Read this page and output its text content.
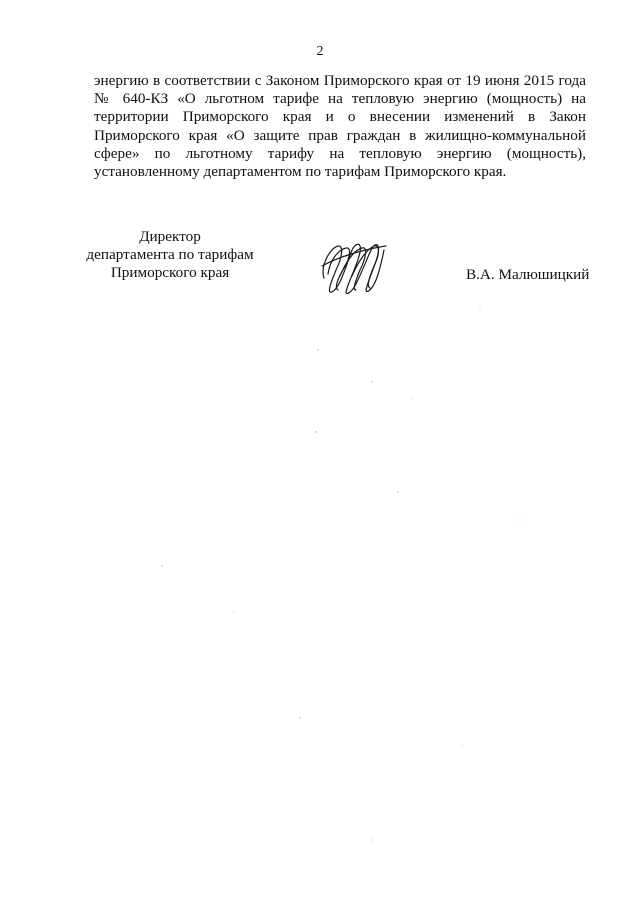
2
энергию в соответствии с Законом Приморского края от 19 июня 2015 года
№ 640-КЗ «О льготном тарифе на тепловую энергию (мощность) на
территории Приморского края и о внесении изменений в Закон
Приморского края «О защите прав граждан в жилищно-коммунальной
сфере» по льготному тарифу на тепловую энергию (мощность),
установленному департаментом по тарифам Приморского края.
Директор
департамента по тарифам
Приморского края	В.А. Малюшицкий
